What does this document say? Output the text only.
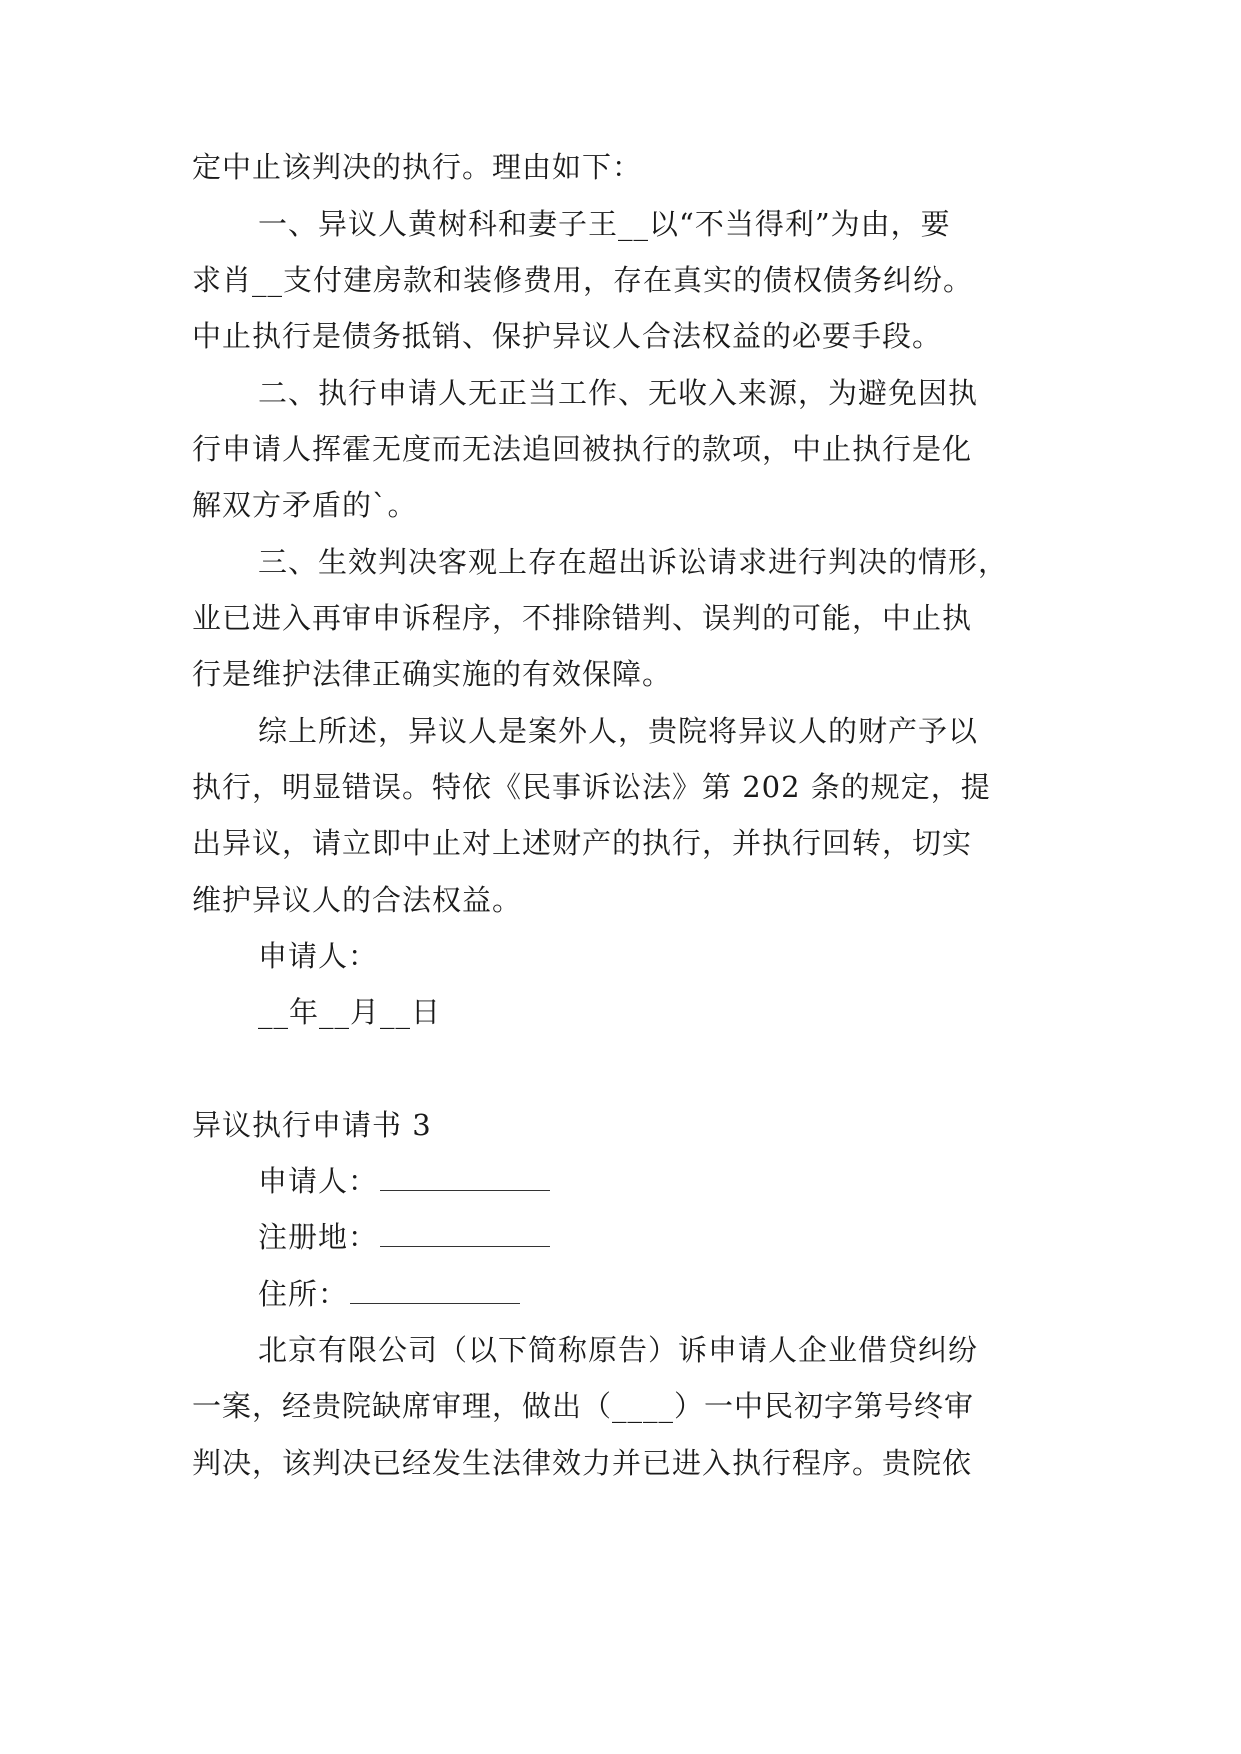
定中止该判决的执行。理由如下：
一、异议人黄树科和妻子王__以“不当得利”为由，要
求肖__支付建房款和装修费用，存在真实的债权债务纠纷。
中止执行是债务抵销、保护异议人合法权益的必要手段。
二、执行申请人无正当工作、无收入来源，为避免因执
行申请人挥霍无度而无法追回被执行的款项，中止执行是化
解双方矛盾的`。
三、生效判决客观上存在超出诉讼请求进行判决的情形，
业已进入再审申诉程序，不排除错判、误判的可能，中止执
行是维护法律正确实施的有效保障。
综上所述，异议人是案外人，贵院将异议人的财产予以
执行，明显错误。特依《民事诉讼法》第 202 条的规定，提
出异议，请立即中止对上述财产的执行，并执行回转，切实
维护异议人的合法权益。
申请人：
__年__月__日
异议执行申请书 3
申请人：
注册地：
住所：
北京有限公司（以下简称原告）诉申请人企业借贷纠纷
一案，经贵院缺席审理，做出（____）一中民初字第号终审
判决，该判决已经发生法律效力并已进入执行程序。贵院依
